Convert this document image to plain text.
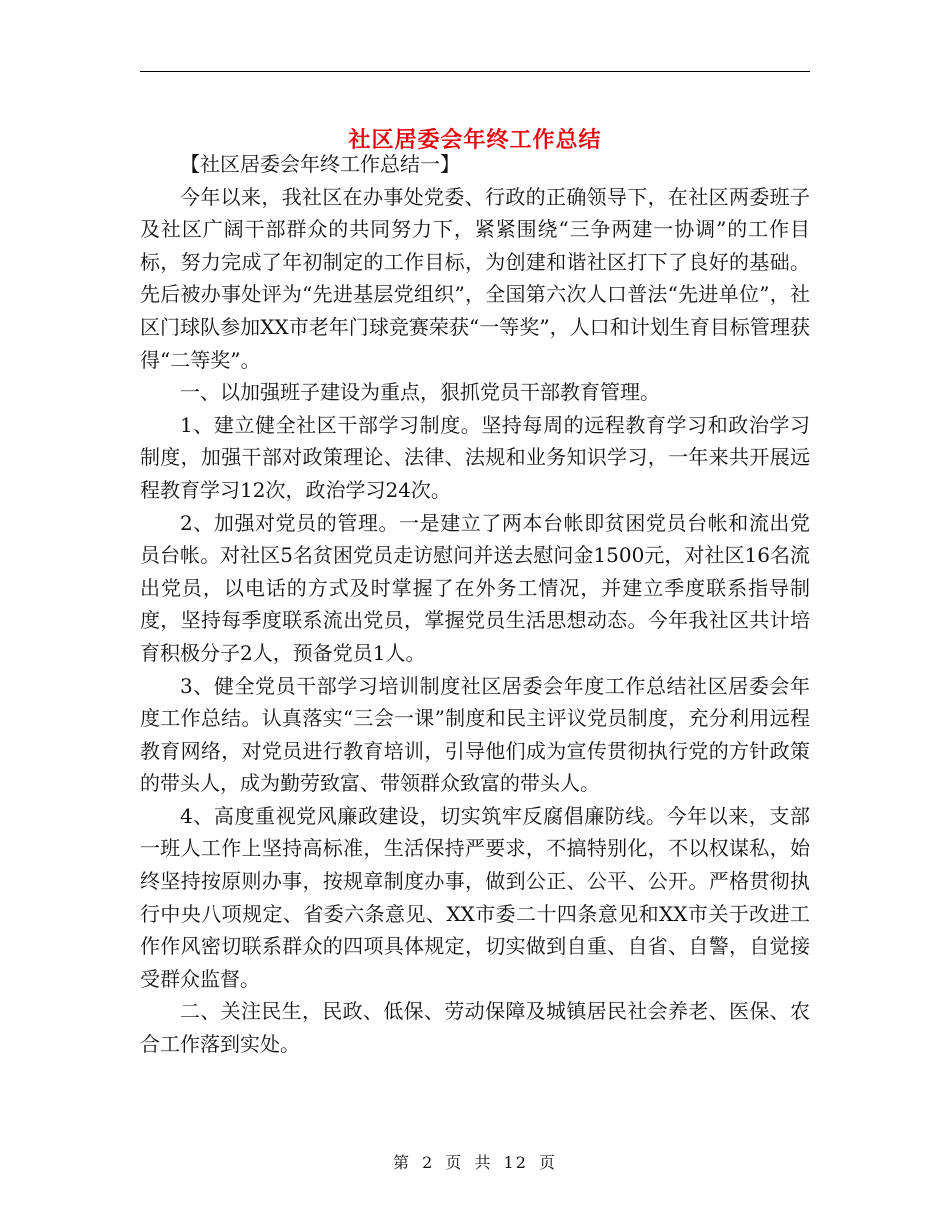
社区居委会年终工作总结

【社区居委会年终工作总结一】

今年以来，我社区在办事处党委、行政的正确领导下，在社区两委班子及社区广阔干部群众的共同努力下，紧紧围绕“三争两建一协调”的工作目标，努力完成了年初制定的工作目标，为创建和谐社区打下了良好的基础。先后被办事处评为“先进基层党组织”，全国第六次人口普法“先进单位”，社区门球队参加XX市老年门球竞赛荣获“一等奖”，人口和计划生育目标管理获得“二等奖”。

一、以加强班子建设为重点，狠抓党员干部教育管理。

1、建立健全社区干部学习制度。坚持每周的远程教育学习和政治学习制度，加强干部对政策理论、法律、法规和业务知识学习，一年来共开展远程教育学习12次，政治学习24次。

2、加强对党员的管理。一是建立了两本台帐即贫困党员台帐和流出党员台帐。对社区5名贫困党员走访慰问并送去慰问金1500元，对社区16名流出党员，以电话的方式及时掌握了在外务工情况，并建立季度联系指导制度，坚持每季度联系流出党员，掌握党员生活思想动态。今年我社区共计培育积极分子2人，预备党员1人。

3、健全党员干部学习培训制度社区居委会年度工作总结社区居委会年度工作总结。认真落实“三会一课”制度和民主评议党员制度，充分利用远程教育网络，对党员进行教育培训，引导他们成为宣传贯彻执行党的方针政策的带头人，成为勤劳致富、带领群众致富的带头人。

4、高度重视党风廉政建设，切实筑牢反腐倡廉防线。今年以来，支部一班人工作上坚持高标准，生活保持严要求，不搞特别化，不以权谋私，始终坚持按原则办事，按规章制度办事，做到公正、公平、公开。严格贯彻执行中央八项规定、省委六条意见、XX市委二十四条意见和XX市关于改进工作作风密切联系群众的四项具体规定，切实做到自重、自省、自警，自觉接受群众监督。

二、关注民生，民政、低保、劳动保障及城镇居民社会养老、医保、农合工作落到实处。

第 2 页 共 12 页
